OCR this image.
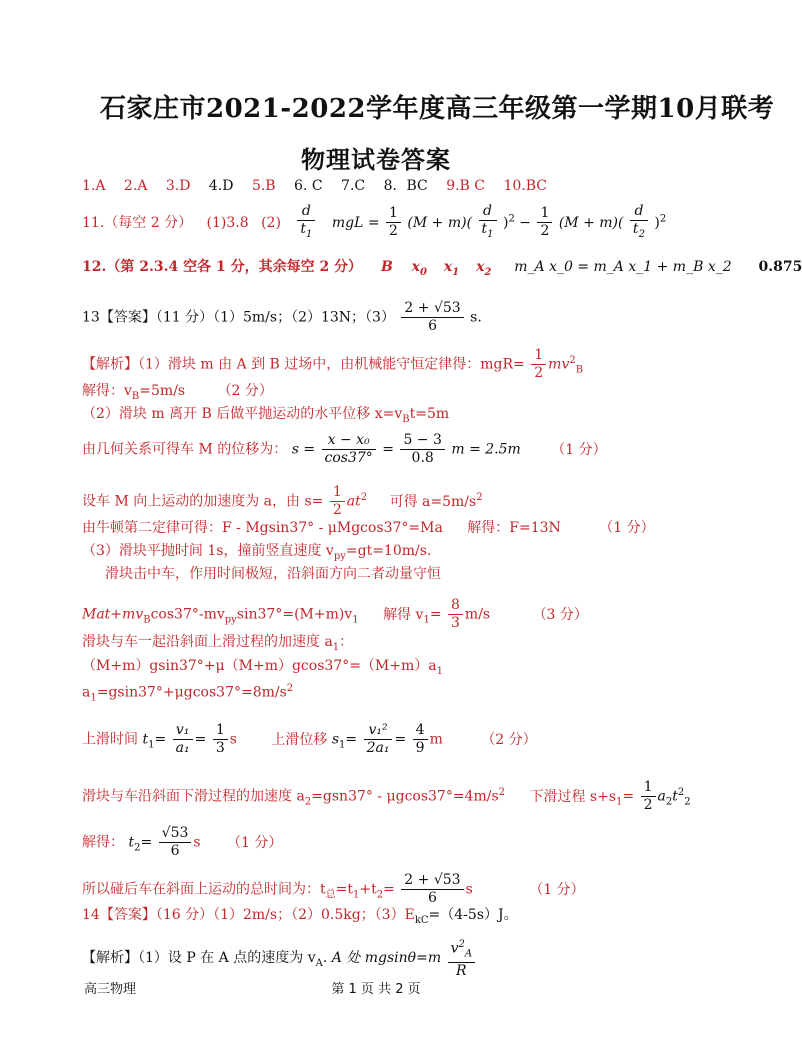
石家庄市2021-2022学年度高三年级第一学期10月联考
物理试卷答案
1.A 2.A 3.D 4.D 5.B 6. C 7.C 8．BC 9.B C 10.BC
11.（每空 2 分） (1)3.8 $(2) \frac{d}{t_1}$ mgL = $\frac{1}{2} (M + m)( \frac{d}{t_1} )^2 - \frac{1}{2} (M + m)( \frac{d}{t_2} )^2$
12.（第 2.3.4 空各 1 分，其余每空 2 分） B $x_0$ $x_1$ $x_2$ m_A x_0 = m_A x_1 + m_B x_2 0.875
13【答案】（11 分）（1）5m/s；（2）13N；$(3) \frac{2 + √53}{6} s$.
【解析】（1）滑块 m 由 A 到 B 过场中，由机械能守恒定律得：$mgR= \frac{1}{2} mv^2_B$
解得：$v_B=5m/s$ （2 分）
（2）滑块 m 离开 B 后做平抛运动的水平位移 $x=v_Bt=5m$
由几何关系可得车 M 的位移为： $s = \frac{\text{x − x₀}}{\cos 37^\circ} = \frac{5 - 3}{0.8}$ m = 2.5m （1 分）
设车 M 向上运动的加速度为 a，由 $s= \frac{1}{2} at^2$ 可得 $a=5m/s^2$
由牛顿第二定律可得：F - Mgsin37° - μMgcos37°=Ma 解得：F=13N	（1 分）
（3）滑块平抛时间 1s，撞前竖直速度 $v_{py}=gt=10m/s$.
滑块击中车，作用时间极短，沿斜面方向二者动量守恒
$Mat+mv_B\cos 37^\circ-mv_{py}\sin 37^\circ=(M+m)v_1$ 解得 $v_1= \frac{8}{3} m/s$	（3 分）
滑块与车一起沿斜面上滑过程的加速度 $a_1$：
$(M+m)gsin37^\circ+\mu(M+m)gcos37^\circ=(M+m)a_1$
$a_1=gsin37^\circ+\mu gcos37^\circ=8m/s^2$
上滑时间 $t_1= \frac{\text{v₁}}{\text{a₁}} = \frac{1}{3}$ s 上滑位移 $s_1= \frac{\text{v₁²}}{\text{2a₁}} = \frac{4}{9}$ m	（2 分）
滑块与车沿斜面下滑过程的加速度 $a_2=gsn37^\circ - \mu gcos37^\circ=4m/s^2$ 下滑过程 $s+s_1= \frac{1}{2} a_2t^2_2$
解得： $t_2= \frac{√53}{6}$ s （1 分）
所以碰后车在斜面上运动的总时间为：$t_总=t_1+t_2= \frac{2 + √53}{6}$ s	（1 分）
14【答案】（16 分）（1）2m/s；（2）0.5kg；$(3)E_{kC}=(4-5s)J$。
【解析】（1）设 P 在 A 点的速度为 $v_A$. A 处 $mgsin\theta=m \frac{v^2_A}{R}$
高三物理	第 1 页 共 2 页
